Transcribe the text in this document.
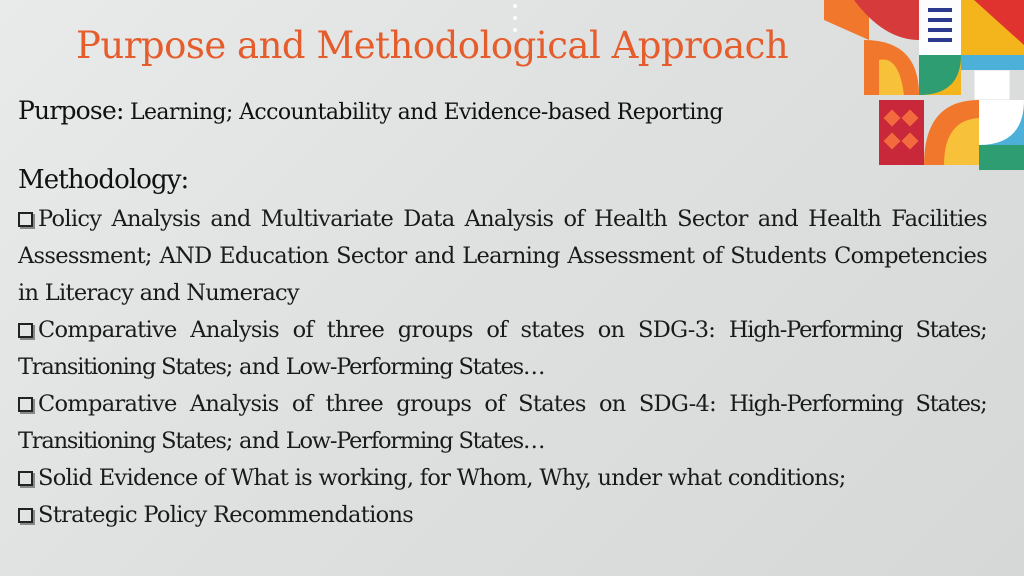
Purpose and Methodological Approach

Purpose: Learning; Accountability and Evidence-based Reporting

Methodology:
Policy Analysis and Multivariate Data Analysis of Health Sector and Health Facilities Assessment; AND Education Sector and Learning Assessment of Students Competencies in Literacy and Numeracy
Comparative Analysis of three groups of states on SDG-3: High-Performing States; Transitioning States; and Low-Performing States…
Comparative Analysis of three groups of States on SDG-4: High-Performing States; Transitioning States; and Low-Performing States…
Solid Evidence of What is working, for Whom, Why, under what conditions;
Strategic Policy Recommendations
